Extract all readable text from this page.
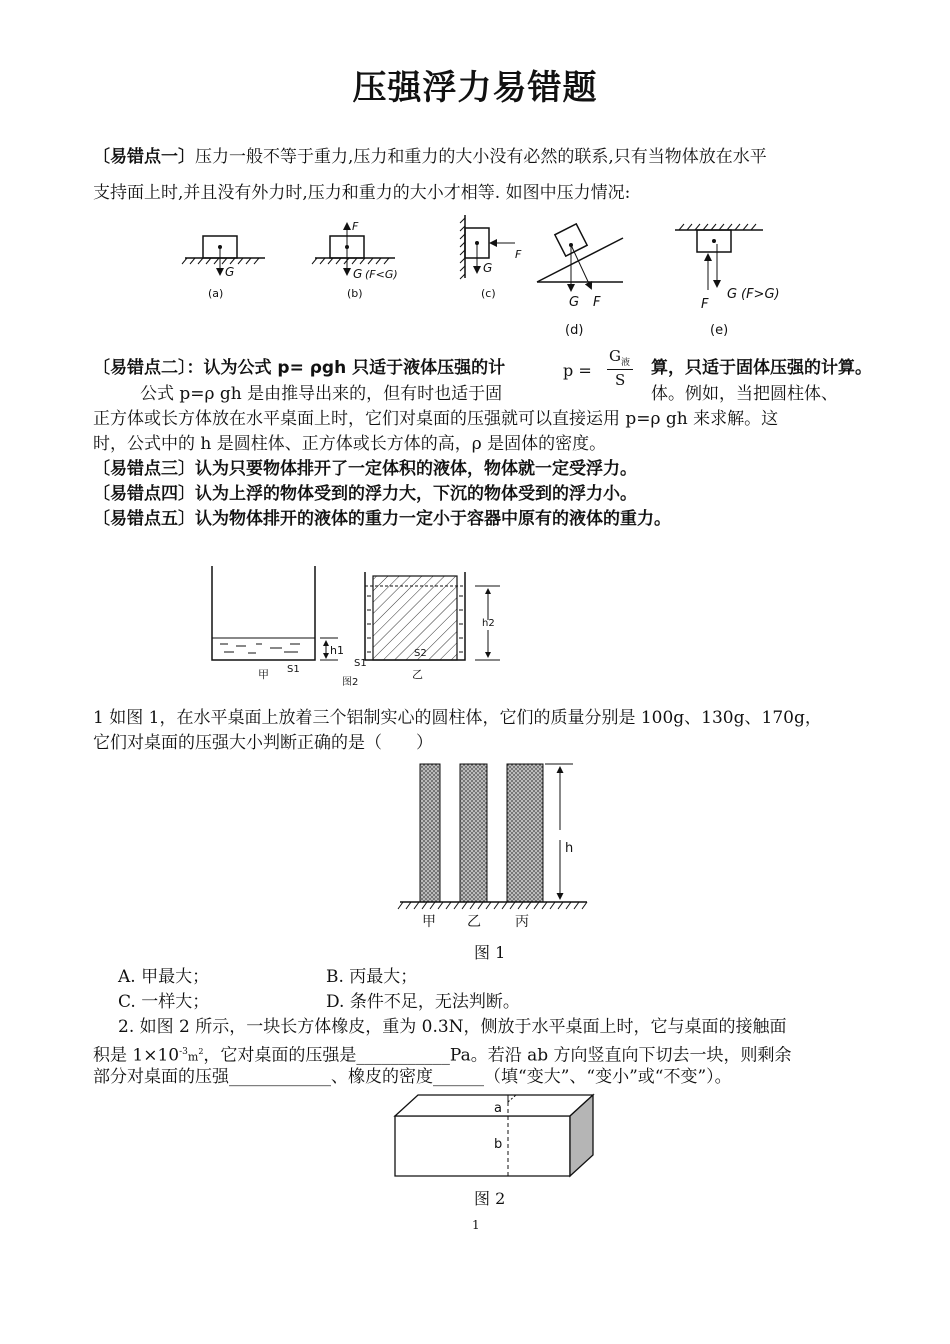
压强浮力易错题
〔易错点一〕压力一般不等于重力,压力和重力的大小没有必然的联系,只有当物体放在水平
支持面上时,并且没有外力时,压力和重力的大小才相等. 如图中压力情况:
G
(a)
F
G (F<G)
(b)
F
G
(c)
G F
(d)
F
G (F>G)
(e)
〔易错点二〕：认为公式 p= ρgh 只适于液体压强的计	p =
$G_液$
S
算，只适于固体压强的计算。
公式 p=ρ gh 是由推导出来的，但有时也适于固	体。例如，当把圆柱体、
正方体或长方体放在水平桌面上时，它们对桌面的压强就可以直接运用 p=ρ gh 来求解。这
时，公式中的 h 是圆柱体、正方体或长方体的高，ρ 是固体的密度。
〔易错点三〕认为只要物体排开了一定体积的液体，物体就一定受浮力。
〔易错点四〕认为上浮的物体受到的浮力大，下沉的物体受到的浮力小。
〔易错点五〕认为物体排开的液体的重力一定小于容器中原有的液体的重力。
h1
S1
甲
h2
S1
S2
乙
图2
1 如图 1，在水平桌面上放着三个铝制实心的圆柱体，它们的质量分别是 100g、130g、170g，
它们对桌面的压强大小判断正确的是（　　）
h
甲 乙 丙
图 1
A. 甲最大；	B. 丙最大；
C. 一样大；	D. 条件不足，无法判断。
2. 如图 2 所示，一块长方体橡皮，重为 0.3N，侧放于水平桌面上时，它与桌面的接触面
积是 $1\times 10^{-3}m^2$，它对桌面的压强是___________Pa。若沿 ab 方向竖直向下切去一块，则剩余
部分对桌面的压强____________、橡皮的密度______（填“变大”、“变小”或“不变”）。
a
b
图 2
1
